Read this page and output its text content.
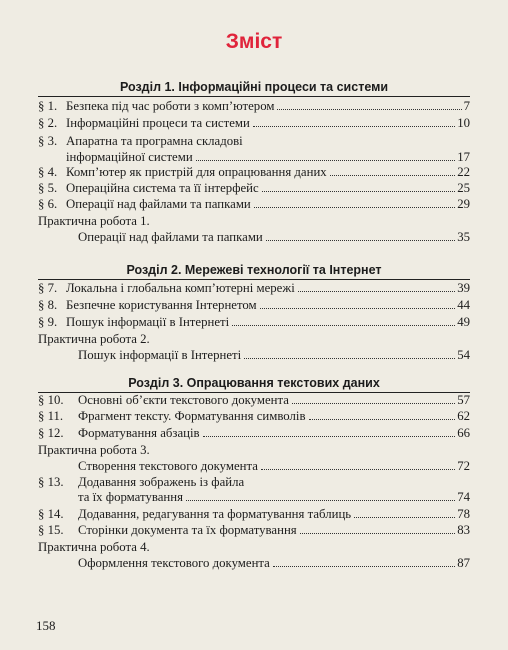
Зміст
Розділ 1. Інформаційні процеси та системи
§ 1. Безпека під час роботи з комп’ютером	7
§ 2. Інформаційні процеси та системи	10
§ 3. Апаратна та програмна складові
інформаційної системи	17
§ 4. Комп’ютер як пристрій для опрацювання даних	22
§ 5. Операційна система та її інтерфейс	25
§ 6. Операції над файлами та папками	29
Практична робота 1.
Операції над файлами та папками	35
Розділ 2. Мережеві технології та Інтернет
§ 7. Локальна і глобальна комп’ютерні мережі	39
§ 8. Безпечне користування Інтернетом	44
§ 9. Пошук інформації в Інтернеті	49
Практична робота 2.
Пошук інформації в Інтернеті	54
Розділ 3. Опрацювання текстових даних
§ 10. Основні об’єкти текстового документа	57
§ 11. Фрагмент тексту. Форматування символів	62
§ 12. Форматування абзаців	66
Практична робота 3.
Створення текстового документа	72
§ 13. Додавання зображень із файла
та їх форматування	74
§ 14. Додавання, редагування та форматування таблиць	78
§ 15. Сторінки документа та їх форматування	83
Практична робота 4.
Оформлення текстового документа	87
158
